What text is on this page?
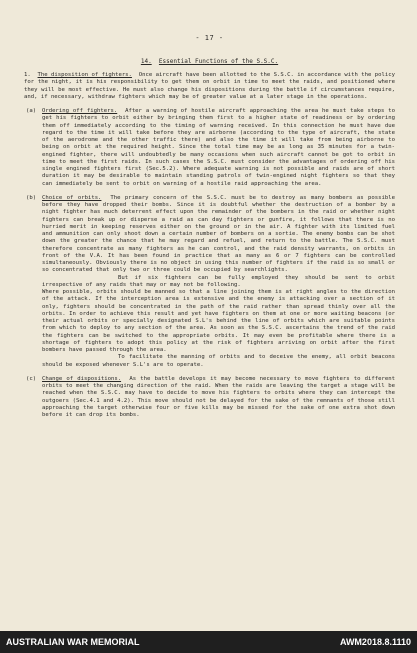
- 17 -
14. Essential Functions of the S.S.C.

1. The disposition of fighters. Once aircraft have been allotted to the S.S.C. in accordance with the policy for the night, it is his responsibility to get them on orbit in time to meet the raids, and positioned where they will be most effective. He must also change his dispositions during the battle if circumstances require, and, if necessary, withdraw fighters which may be of greater value at a later stage in the operations.

(a)	Ordering off fighters. After a warning of hostile aircraft approaching the area he must take steps to get his fighters to orbit either by bringing them first to a higher state of readiness or by ordering them off immediately according to the timing of warning received. In this connection he must have due regard to the time it will take before they are airborne (according to the type of aircraft, the state of the aerodrome and the other traffic there) and also the time it will take from being airborne to being on orbit at the required height. Since the total time may be as long as 35 minutes for a twin-engined fighter, there will undoubtedly be many occasions when such aircraft cannot be got to orbit in time to meet the first raids. In such cases the S.S.C. must consider the advantages of ordering off his single engined fighters first (Sec.5.2). Where adequate warning is not possible and raids are of short duration it may be desirable to maintain standing patrols of twin-engined night fighters so that they can immediately be sent to orbit on warning of a hostile raid approaching the area.

(b)	Choice of orbits. The primary concern of the S.S.C. must be to destroy as many bombers as possible before they have dropped their bombs. Since it is doubtful whether the destruction of a bomber by a night fighter has much deterrent effect upon the remainder of the bombers in the raid or whether night fighters can break up or disperse a raid as can day fighters or gunfire, it follows that there is no hurried merit in keeping reserves either on the ground or in the air. A fighter with its limited fuel and ammunition can only shoot down a certain number of bombers on a sortie. The enemy bombs can be shot down the greater the chance that he may regard and refuel, and return to the battle. The S.S.C. must therefore concentrate as many fighters as he can control, and the raid density warrants, on orbits in front of the V.A. It has been found in practice that as many as 6 or 7 fighters can be controlled simultaneously. Obviously there is no object in using this number of fighters if the raid is so small or so concentrated that only two or three could be occupied by searchlights.

But if six fighters can be fully employed they should be sent to orbit irrespective of any raids that may or may not be following.

Where possible, orbits should be manned so that a line joining them is at right angles to the direction of the attack. If the interception area is extensive and the enemy is attacking over a section of it only, fighters should be concentrated in the path of the raid rather than spread thinly over all the orbits. In order to achieve this result and yet have fighters on them at one or more waiting beacons (or their actual orbits or specially designated S.L's behind the line of orbits which are suitable points from which to deploy to any section of the area. As soon as the S.S.C. ascertains the trend of the raid the fighters can be switched to the appropriate orbits. It may even be profitable where there is a shortage of fighters to adopt this policy at the risk of fighters arriving on orbit after the first bombers have passed through the area.

To facilitate the manning of orbits and to deceive the enemy, all orbit beacons should be exposed whenever S.L's are to operate.

(c)	Change of dispositions. As the battle develops it may become necessary to move fighters to different orbits to meet the changing direction of the raid. When the raids are leaving the target a stage will be reached when the S.S.C. may have to decide to move his fighters to orbits where they can intercept the outgoers (Sec.4.1 and 4.2). This move should not be delayed for the sake of the remnants of those still approaching the target otherwise four or five kills may be missed for the sake of one extra shot down before it can drop its bombs.

AUSTRALIAN WAR MEMORIAL	AWM2018.8.1110
